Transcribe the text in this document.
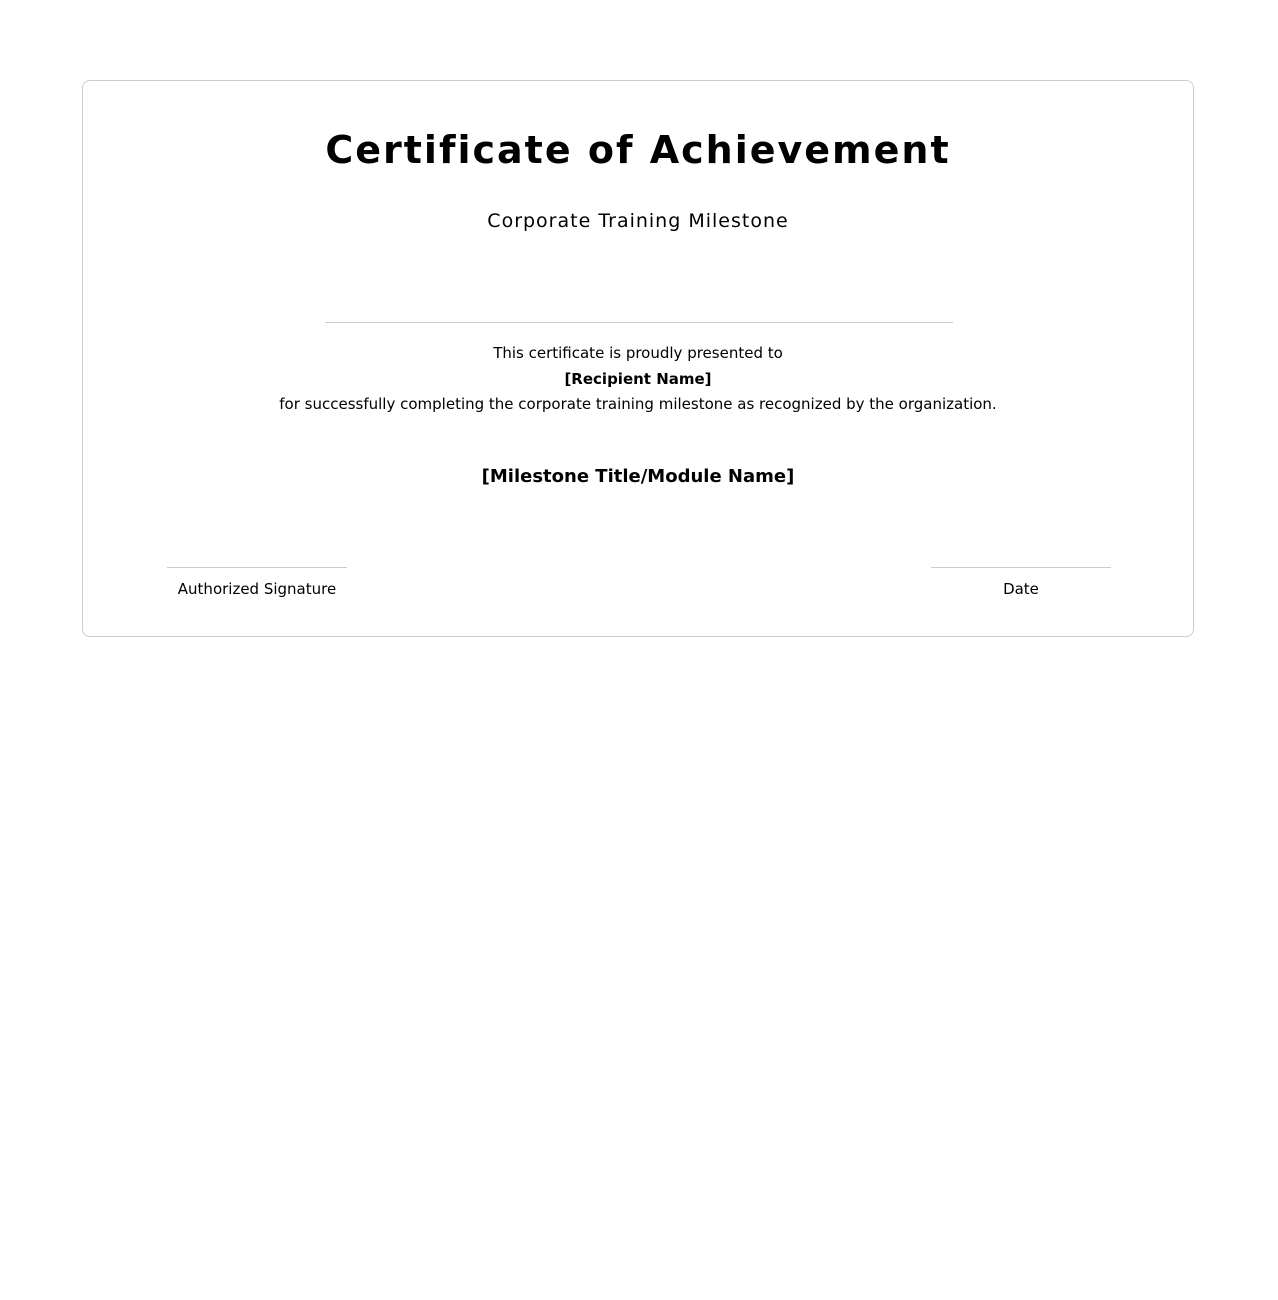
Certificate of Achievement
Corporate Training Milestone
This certificate is proudly presented to
[Recipient Name]
for successfully completing the corporate training milestone as recognized by the organization.
[Milestone Title/Module Name]
Authorized Signature	Date
